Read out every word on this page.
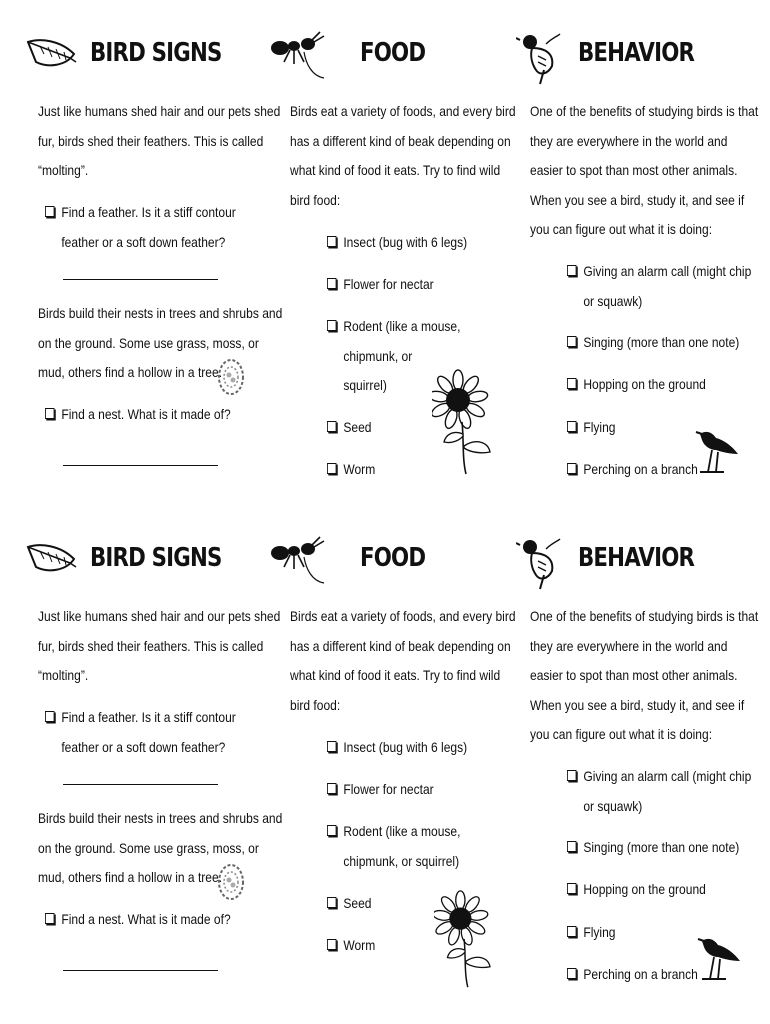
BIRD SIGNS
Just like humans shed hair and our pets shed
fur, birds shed their feathers. This is called
“molting”.
Find a feather. Is it a stiff contour
feather or a soft down feather?
Birds build their nests in trees and shrubs and
on the ground. Some use grass, moss, or
mud, others find a hollow in a tree.
Find a nest. What is it made of?
FOOD
Birds eat a variety of foods, and every bird
has a different kind of beak depending on
what kind of food it eats. Try to find wild
bird food:
Insect (bug with 6 legs)
Flower for nectar
Rodent (like a mouse,
chipmunk, or
squirrel)
Seed
Worm
BEHAVIOR
One of the benefits of studying birds is that
they are everywhere in the world and
easier to spot than most other animals.
When you see a bird, study it, and see if
you can figure out what it is doing:
Giving an alarm call (might chip
or squawk)
Singing (more than one note)
Hopping on the ground
Flying
Perching on a branch
BIRD SIGNS
Just like humans shed hair and our pets shed
fur, birds shed their feathers. This is called
“molting”.
Find a feather. Is it a stiff contour
feather or a soft down feather?
Birds build their nests in trees and shrubs and
on the ground. Some use grass, moss, or
mud, others find a hollow in a tree.
Find a nest. What is it made of?
FOOD
Birds eat a variety of foods, and every bird
has a different kind of beak depending on
what kind of food it eats. Try to find wild
bird food:
Insect (bug with 6 legs)
Flower for nectar
Rodent (like a mouse,
chipmunk, or squirrel)
Seed
Worm
BEHAVIOR
One of the benefits of studying birds is that
they are everywhere in the world and
easier to spot than most other animals.
When you see a bird, study it, and see if
you can figure out what it is doing:
Giving an alarm call (might chip
or squawk)
Singing (more than one note)
Hopping on the ground
Flying
Perching on a branch
